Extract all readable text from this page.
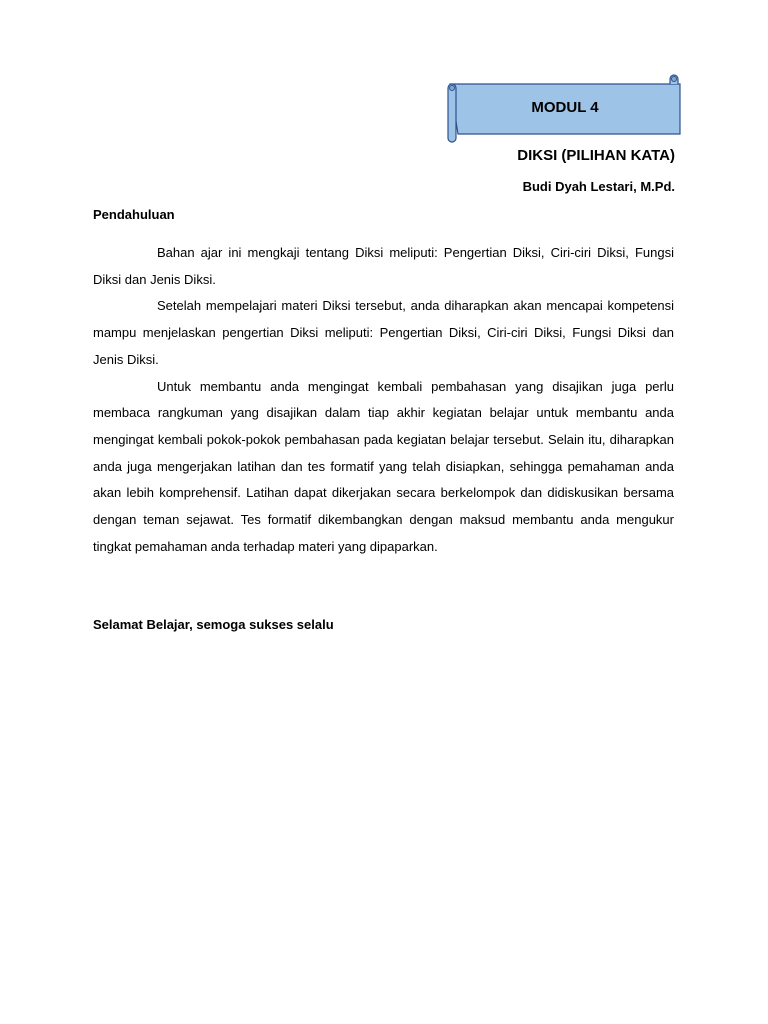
MODUL 4
DIKSI (PILIHAN KATA)
Budi Dyah Lestari, M.Pd.
Pendahuluan

Bahan ajar ini mengkaji tentang Diksi meliputi: Pengertian Diksi, Ciri-ciri Diksi, Fungsi Diksi dan Jenis Diksi.

Setelah mempelajari materi Diksi tersebut, anda diharapkan akan mencapai kompetensi mampu menjelaskan pengertian Diksi meliputi: Pengertian Diksi, Ciri-ciri Diksi, Fungsi Diksi dan Jenis Diksi.

Untuk membantu anda mengingat kembali pembahasan yang disajikan juga perlu membaca rangkuman yang disajikan dalam tiap akhir kegiatan belajar untuk membantu anda mengingat kembali pokok-pokok pembahasan pada kegiatan belajar tersebut. Selain itu, diharapkan anda juga mengerjakan latihan dan tes formatif yang telah disiapkan, sehingga pemahaman anda akan lebih komprehensif. Latihan dapat dikerjakan secara berkelompok dan didiskusikan bersama dengan teman sejawat. Tes formatif dikembangkan dengan maksud membantu anda mengukur tingkat pemahaman anda terhadap materi yang dipaparkan.

Selamat Belajar, semoga sukses selalu
